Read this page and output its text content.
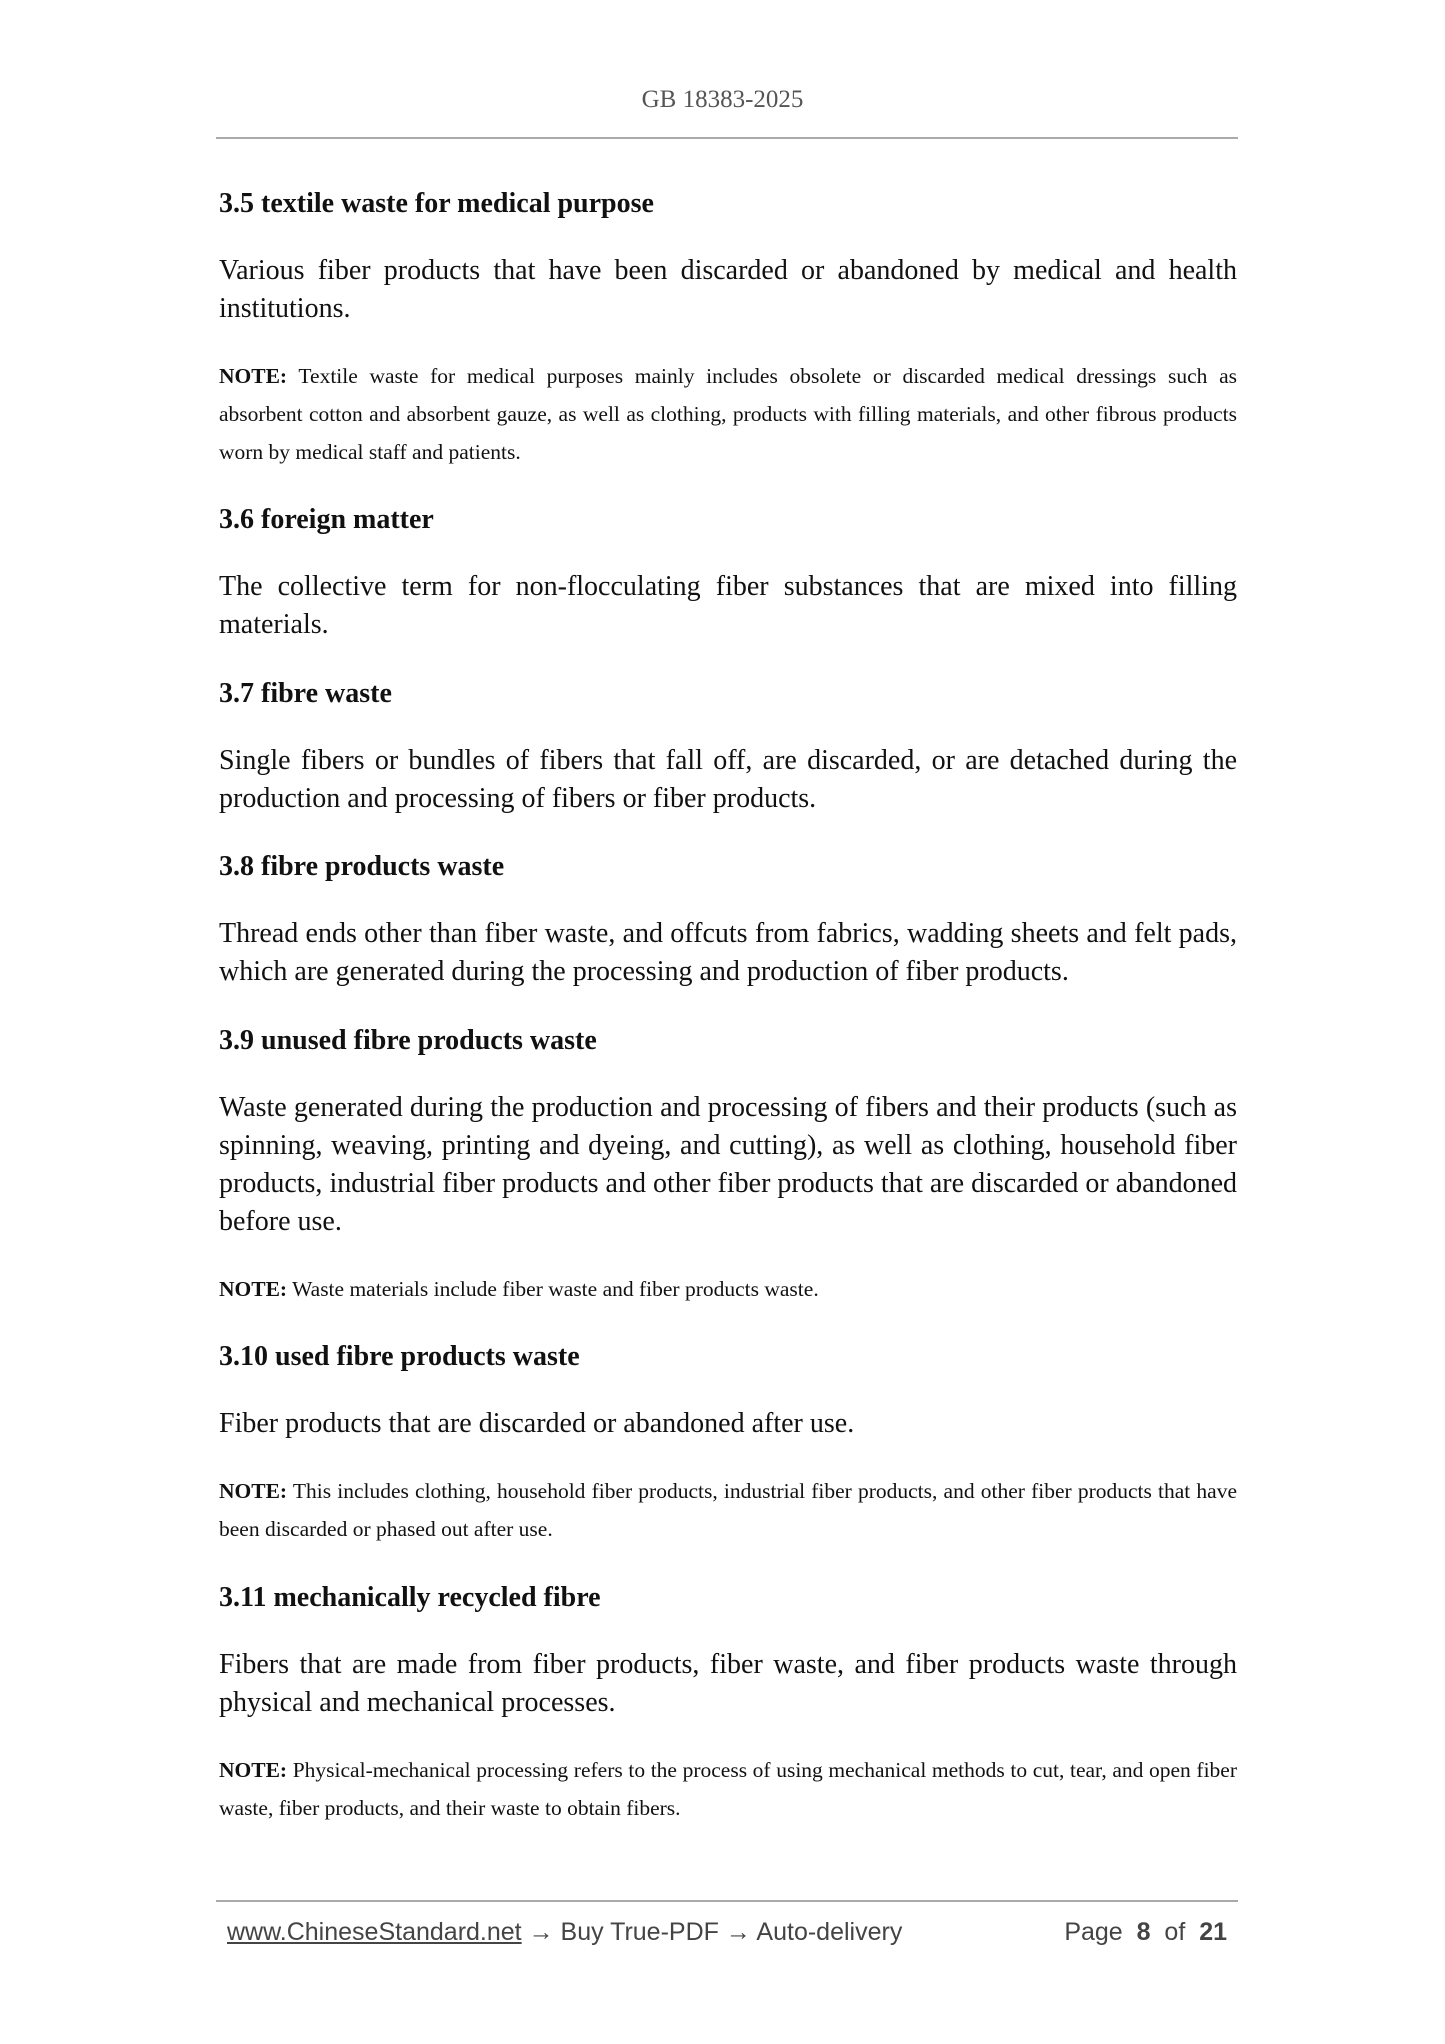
GB 18383-2025
3.5 textile waste for medical purpose

Various fiber products that have been discarded or abandoned by medical and health institutions.

NOTE: Textile waste for medical purposes mainly includes obsolete or discarded medical dressings such as absorbent cotton and absorbent gauze, as well as clothing, products with filling materials, and other fibrous products worn by medical staff and patients.

3.6 foreign matter

The collective term for non-flocculating fiber substances that are mixed into filling materials.

3.7 fibre waste

Single fibers or bundles of fibers that fall off, are discarded, or are detached during the production and processing of fibers or fiber products.

3.8 fibre products waste

Thread ends other than fiber waste, and offcuts from fabrics, wadding sheets and felt pads, which are generated during the processing and production of fiber products.

3.9 unused fibre products waste

Waste generated during the production and processing of fibers and their products (such as spinning, weaving, printing and dyeing, and cutting), as well as clothing, household fiber products, industrial fiber products and other fiber products that are discarded or abandoned before use.

NOTE: Waste materials include fiber waste and fiber products waste.

3.10 used fibre products waste

Fiber products that are discarded or abandoned after use.

NOTE: This includes clothing, household fiber products, industrial fiber products, and other fiber products that have been discarded or phased out after use.

3.11 mechanically recycled fibre

Fibers that are made from fiber products, fiber waste, and fiber products waste through physical and mechanical processes.

NOTE: Physical-mechanical processing refers to the process of using mechanical methods to cut, tear, and open fiber waste, fiber products, and their waste to obtain fibers.

www.ChineseStandard.net → Buy True-PDF → Auto-delivery	Page 8 of 21
